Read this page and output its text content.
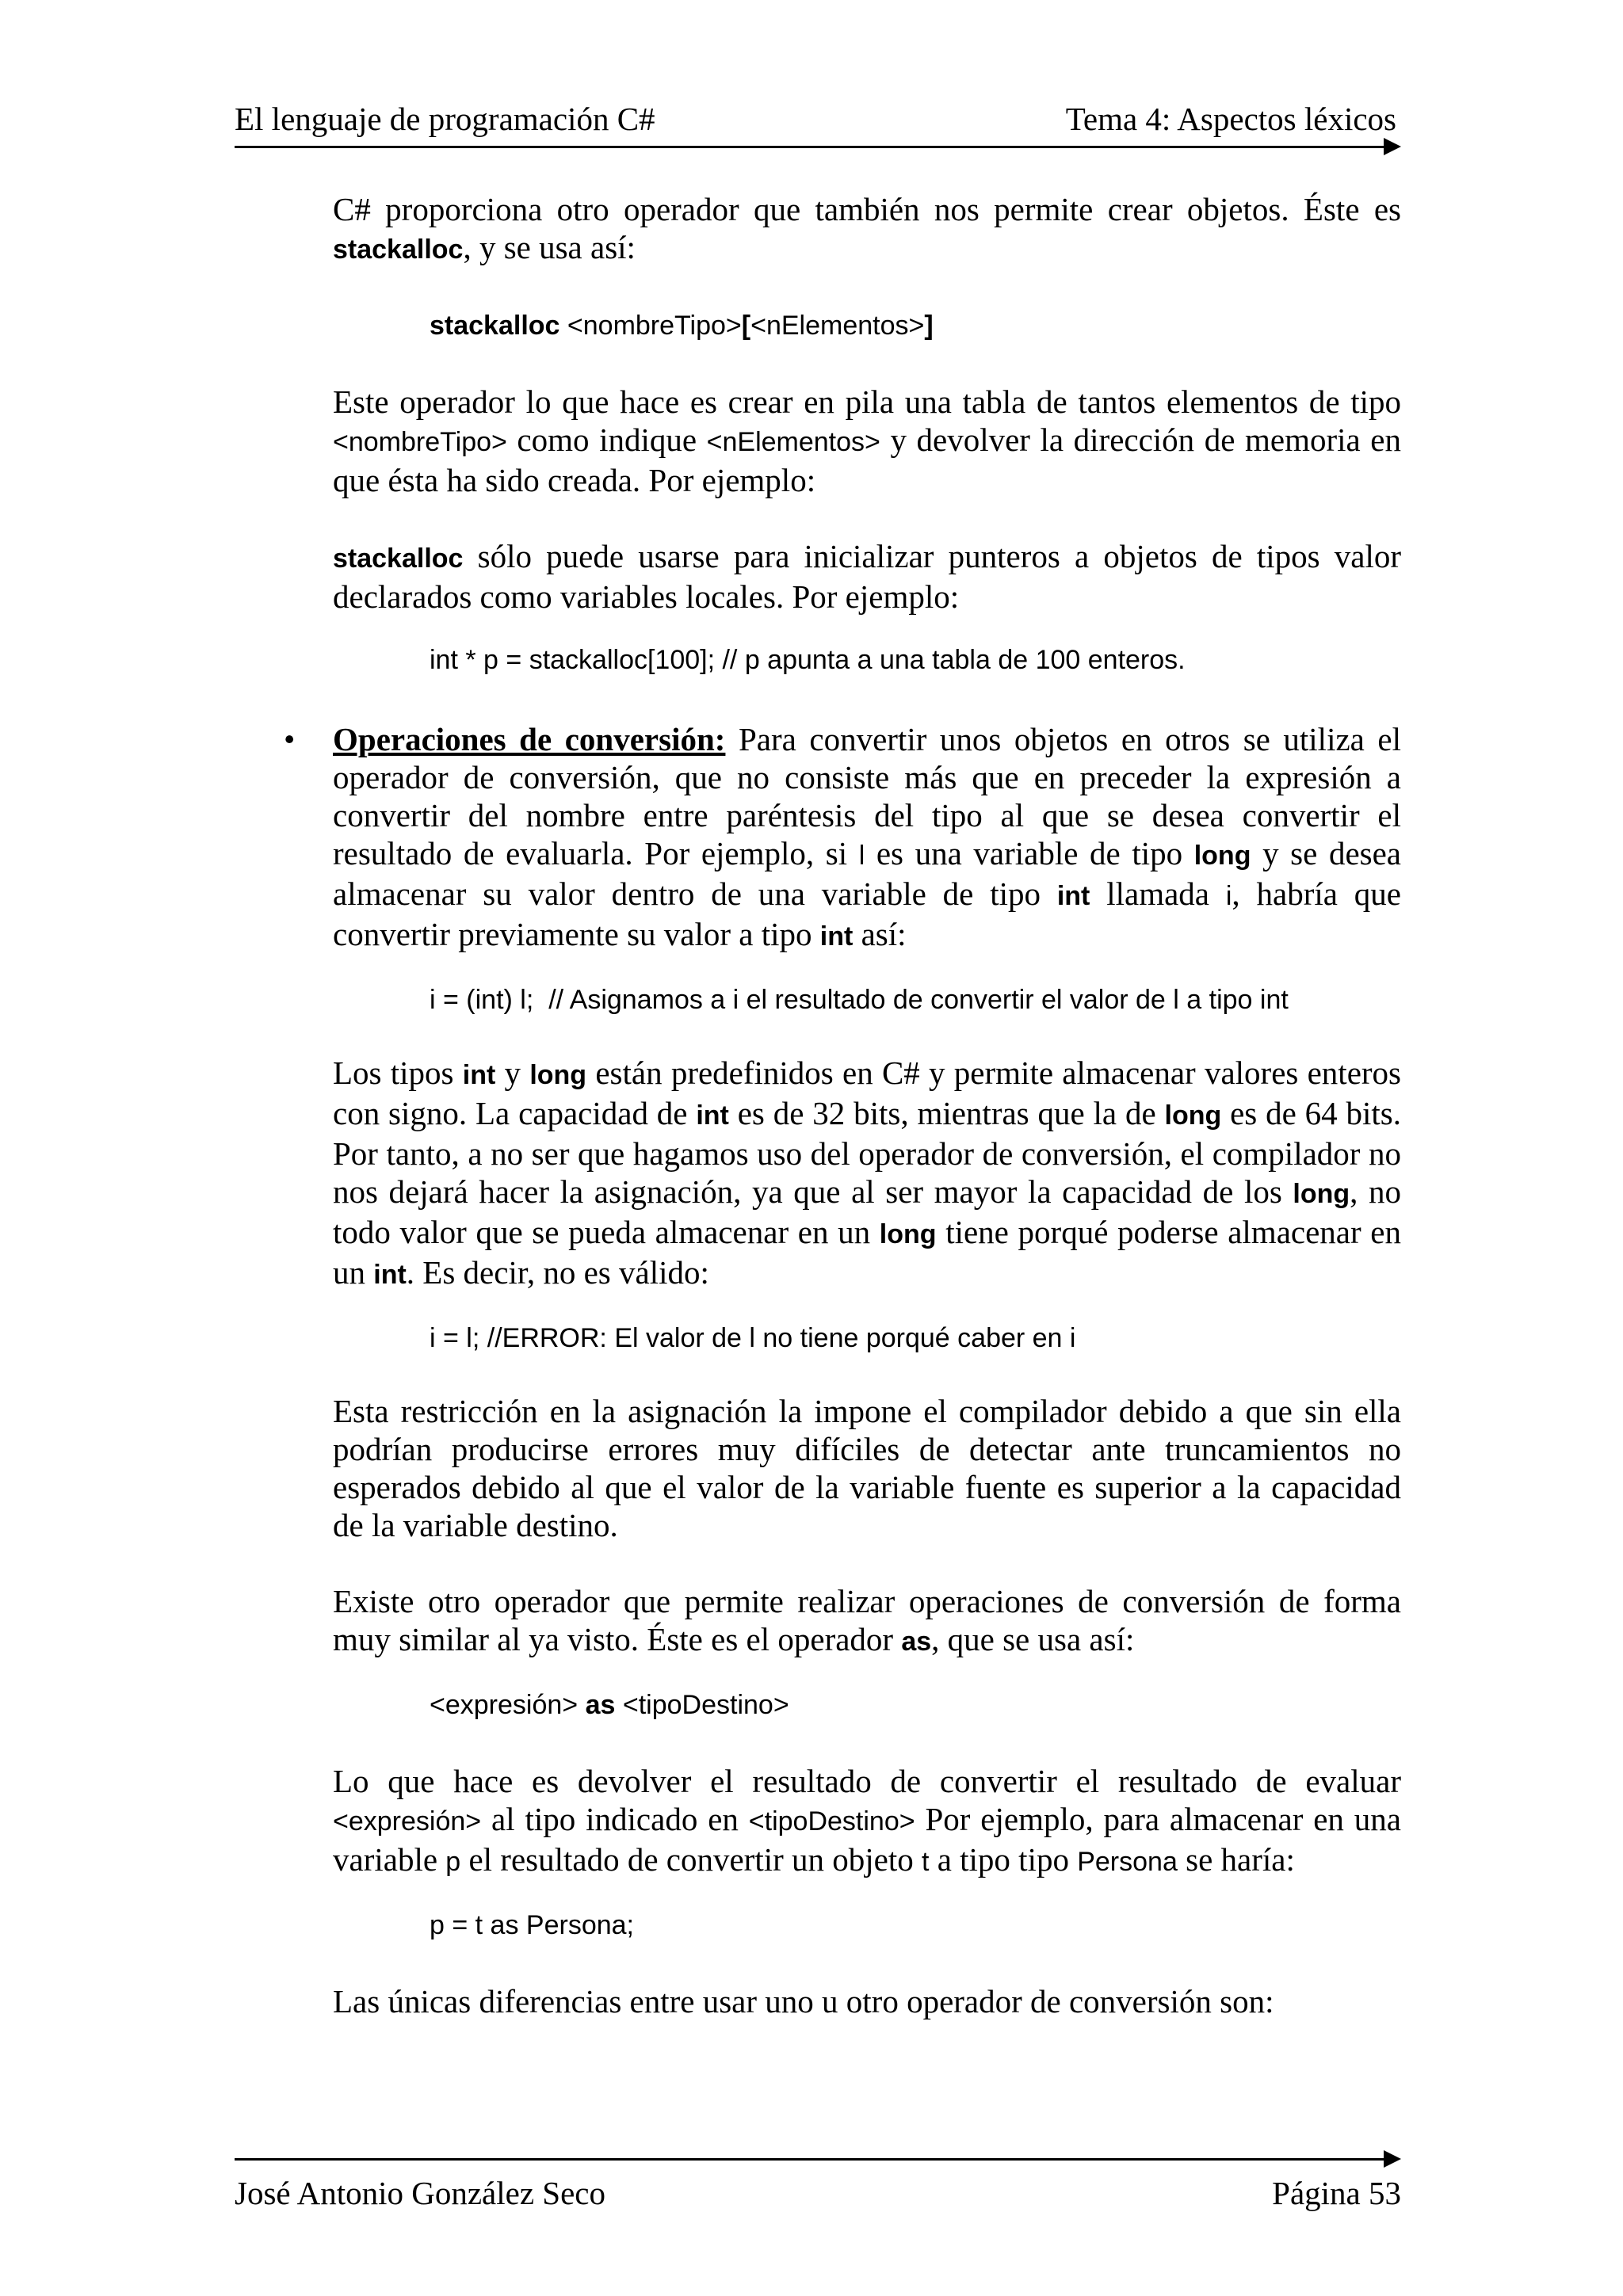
El lenguaje de programación C#	Tema 4: Aspectos léxicos

C# proporciona otro operador que también nos permite crear objetos. Éste es stackalloc, y se usa así:

stackalloc <nombreTipo>[<nElementos>]

Este operador lo que hace es crear en pila una tabla de tantos elementos de tipo <nombreTipo> como indique <nElementos> y devolver la dirección de memoria en que ésta ha sido creada. Por ejemplo:

stackalloc sólo puede usarse para inicializar punteros a objetos de tipos valor declarados como variables locales. Por ejemplo:

int * p = stackalloc[100]; // p apunta a una tabla de 100 enteros.
• Operaciones de conversión: Para convertir unos objetos en otros se utiliza el operador de conversión, que no consiste más que en preceder la expresión a convertir del nombre entre paréntesis del tipo al que se desea convertir el resultado de evaluarla. Por ejemplo, si l es una variable de tipo long y se desea almacenar su valor dentro de una variable de tipo int llamada i, habría que convertir previamente su valor a tipo int así:

i = (int) l;  // Asignamos a i el resultado de convertir el valor de l a tipo int

Los tipos int y long están predefinidos en C# y permite almacenar valores enteros con signo. La capacidad de int es de 32 bits, mientras que la de long es de 64 bits. Por tanto, a no ser que hagamos uso del operador de conversión, el compilador no nos dejará hacer la asignación, ya que al ser mayor la capacidad de los long, no todo valor que se pueda almacenar en un long tiene porqué poderse almacenar en un int. Es decir, no es válido:

i = l; //ERROR: El valor de l no tiene porqué caber en i

Esta restricción en la asignación la impone el compilador debido a que sin ella podrían producirse errores muy difíciles de detectar ante truncamientos no esperados debido al que el valor de la variable fuente es superior a la capacidad de la variable destino.

Existe otro operador que permite realizar operaciones de conversión de forma muy similar al ya visto. Éste es el operador as, que se usa así:

<expresión> as <tipoDestino>

Lo que hace es devolver el resultado de convertir el resultado de evaluar <expresión> al tipo indicado en <tipoDestino> Por ejemplo, para almacenar en una variable p el resultado de convertir un objeto t a tipo tipo Persona se haría:

p = t as Persona;

Las únicas diferencias entre usar uno u otro operador de conversión son:

José Antonio González Seco	Página 53
